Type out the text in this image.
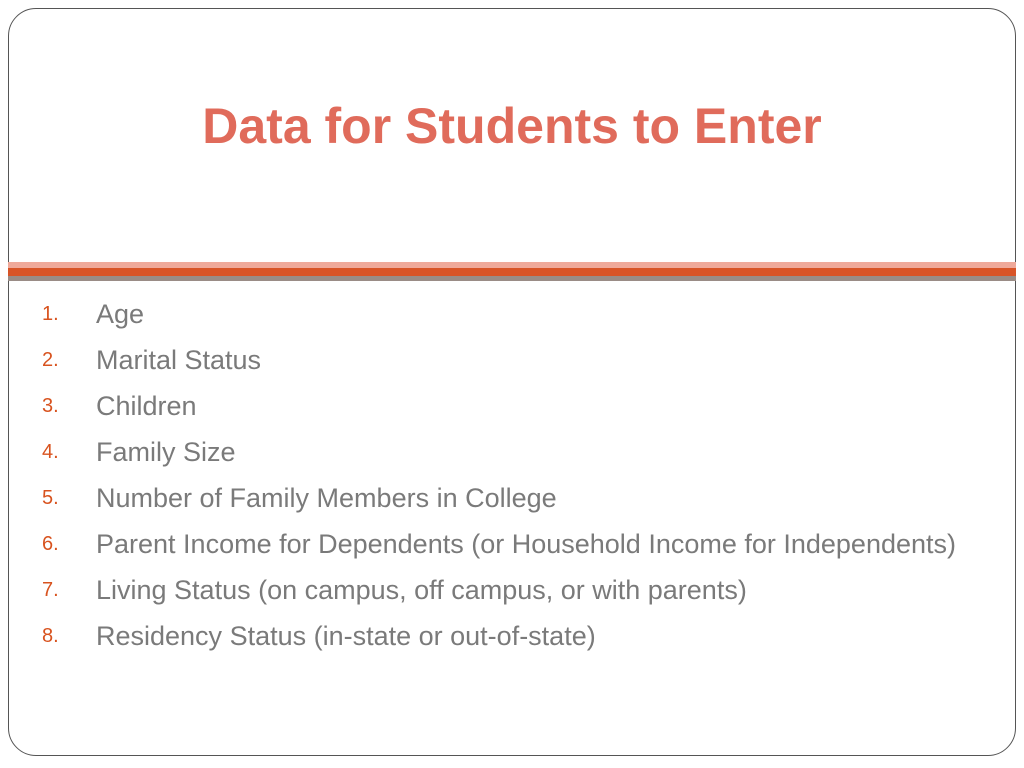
Data for Students to Enter
1.	Age
2.	Marital Status
3.	Children
4.	Family Size
5.	Number of Family Members in College
6.	Parent Income for Dependents (or Household Income for Independents)
7.	Living Status (on campus, off campus, or with parents)
8.	Residency Status (in-state or out-of-state)
